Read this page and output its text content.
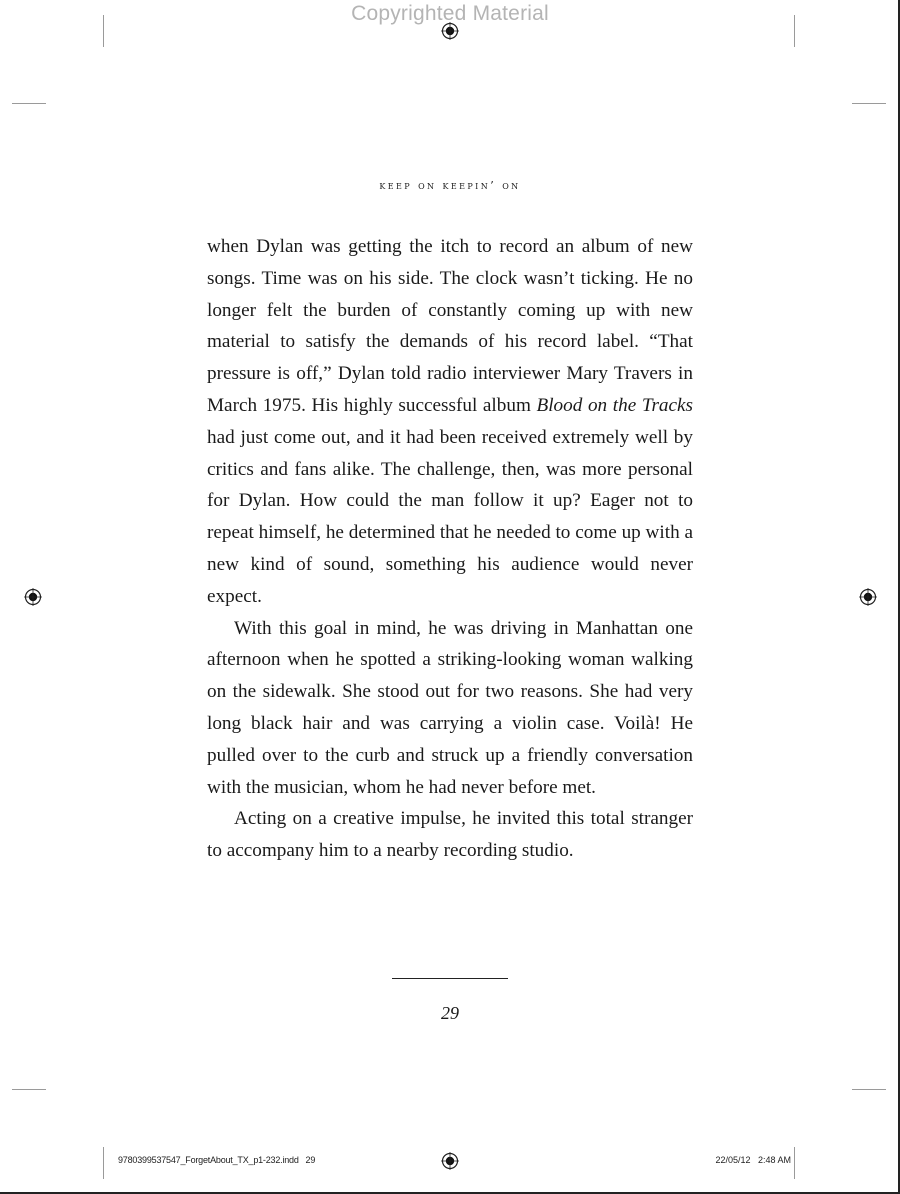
Copyrighted Material
keep on keepin’ on

when Dylan was getting the itch to record an album of new songs. Time was on his side. The clock wasn’t ticking. He no longer felt the burden of constantly coming up with new material to satisfy the demands of his record label. “That pressure is off,” Dylan told radio interviewer Mary Travers in March 1975. His highly successful album Blood on the Tracks had just come out, and it had been received extremely well by critics and fans alike. The challenge, then, was more personal for Dylan. How could the man follow it up? Eager not to repeat himself, he determined that he needed to come up with a new kind of sound, something his audience would never expect.

With this goal in mind, he was driving in Manhattan one afternoon when he spotted a striking-looking woman walking on the sidewalk. She stood out for two reasons. She had very long black hair and was carrying a violin case. Voilà! He pulled over to the curb and struck up a friendly conversation with the musician, whom he had never before met.

Acting on a creative impulse, he invited this total stranger to accompany him to a nearby recording studio.

29
9780399537547_ForgetAbout_TX_p1-232.indd   29	22/05/12   2:48 AM
